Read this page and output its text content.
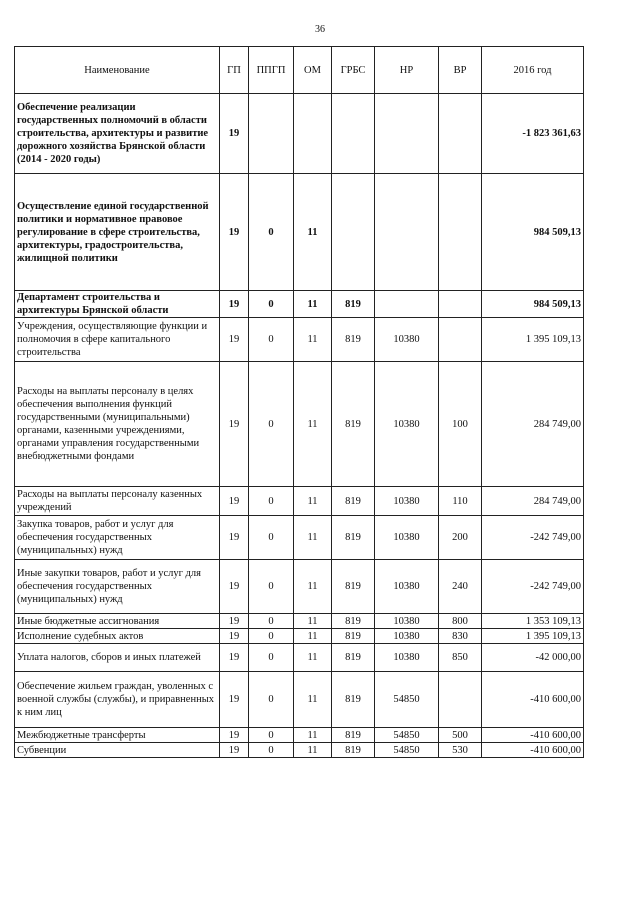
36
Наименование	ГП	ППГП	ОМ	ГРБС	НР	ВР	2016 год
Обеспечение реализации государственных полномочий в области строительства, архитектуры и развитие дорожного хозяйства Брянской области (2014 - 2020 годы)	19						-1 823 361,63
Осуществление единой государственной политики и нормативное правовое регулирование в сфере строительства, архитектуры, градостроительства, жилищной политики	19	0	11				984 509,13
Департамент строительства и архитектуры Брянской области	19	0	11	819			984 509,13
Учреждения, осуществляющие функции и полномочия в сфере капитального строительства	19	0	11	819	10380		1 395 109,13
Расходы на выплаты персоналу в целях обеспечения выполнения функций государственными (муниципальными) органами, казенными учреждениями, органами управления государственными внебюджетными фондами	19	0	11	819	10380	100	284 749,00
Расходы на выплаты персоналу казенных учреждений	19	0	11	819	10380	110	284 749,00
Закупка товаров, работ и услуг для обеспечения государственных (муниципальных) нужд	19	0	11	819	10380	200	-242 749,00
Иные закупки товаров, работ и услуг для обеспечения государственных (муниципальных) нужд	19	0	11	819	10380	240	-242 749,00
Иные бюджетные ассигнования	19	0	11	819	10380	800	1 353 109,13
Исполнение судебных актов	19	0	11	819	10380	830	1 395 109,13
Уплата налогов, сборов и иных платежей	19	0	11	819	10380	850	-42 000,00
Обеспечение жильем граждан, уволенных с военной службы (службы), и приравненных к ним лиц	19	0	11	819	54850		-410 600,00
Межбюджетные трансферты	19	0	11	819	54850	500	-410 600,00
Субвенции	19	0	11	819	54850	530	-410 600,00
